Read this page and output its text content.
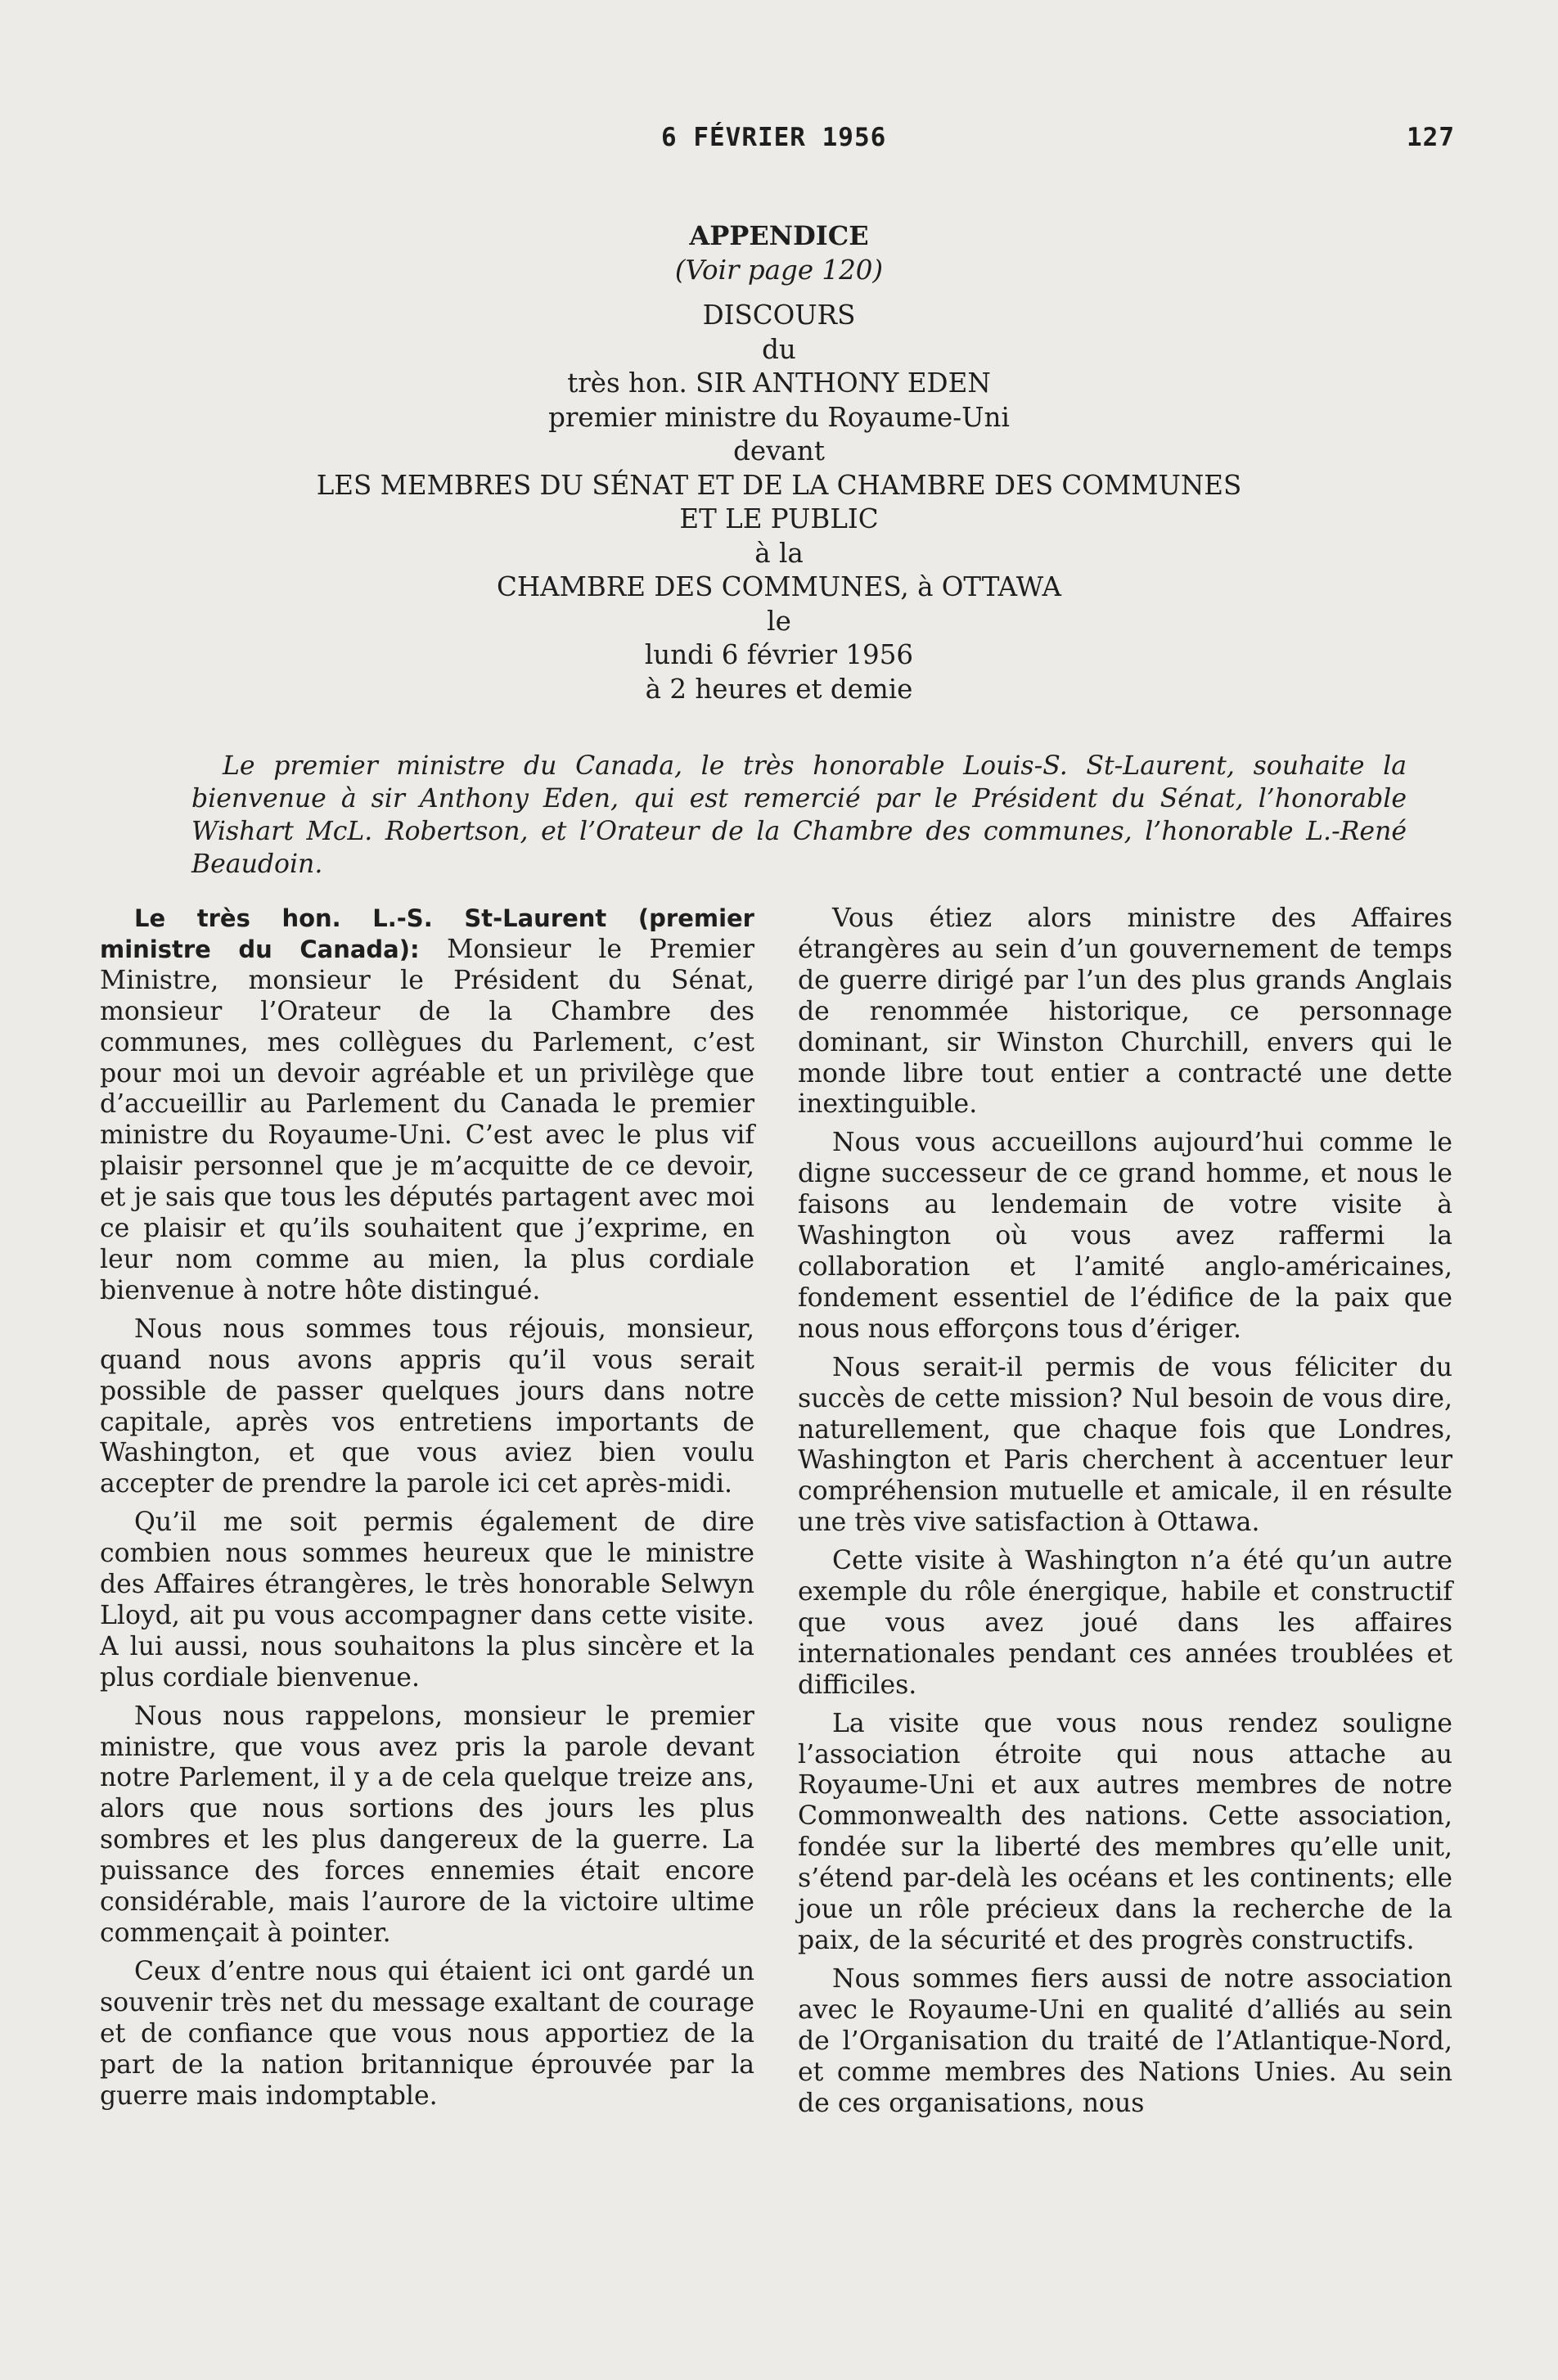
6 FÉVRIER 1956	127
APPENDICE
(Voir page 120)
DISCOURS
du
très hon. SIR ANTHONY EDEN
premier ministre du Royaume-Uni
devant
LES MEMBRES DU SÉNAT ET DE LA CHAMBRE DES COMMUNES
ET LE PUBLIC
à la
CHAMBRE DES COMMUNES, à OTTAWA
le
lundi 6 février 1956
à 2 heures et demie

Le premier ministre du Canada, le très honorable Louis-S. St-Laurent, souhaite la bienvenue à sir Anthony Eden, qui est remercié par le Président du Sénat, l’honorable Wishart McL. Robertson, et l’Orateur de la Chambre des communes, l’honorable L.-René Beaudoin.

Le très hon. L.-S. St-Laurent (premier ministre du Canada): Monsieur le Premier Ministre, monsieur le Président du Sénat, monsieur l’Orateur de la Chambre des communes, mes collègues du Parlement, c’est pour moi un devoir agréable et un privilège que d’accueillir au Parlement du Canada le premier ministre du Royaume-Uni. C’est avec le plus vif plaisir personnel que je m’acquitte de ce devoir, et je sais que tous les députés partagent avec moi ce plaisir et qu’ils souhaitent que j’exprime, en leur nom comme au mien, la plus cordiale bienvenue à notre hôte distingué.

Nous nous sommes tous réjouis, monsieur, quand nous avons appris qu’il vous serait possible de passer quelques jours dans notre capitale, après vos entretiens importants de Washington, et que vous aviez bien voulu accepter de prendre la parole ici cet après-midi.

Qu’il me soit permis également de dire combien nous sommes heureux que le ministre des Affaires étrangères, le très honorable Selwyn Lloyd, ait pu vous accompagner dans cette visite. A lui aussi, nous souhaitons la plus sincère et la plus cordiale bienvenue.

Nous nous rappelons, monsieur le premier ministre, que vous avez pris la parole devant notre Parlement, il y a de cela quelque treize ans, alors que nous sortions des jours les plus sombres et les plus dangereux de la guerre. La puissance des forces ennemies était encore considérable, mais l’aurore de la victoire ultime commençait à pointer.

Ceux d’entre nous qui étaient ici ont gardé un souvenir très net du message exaltant de courage et de confiance que vous nous apportiez de la part de la nation britannique éprouvée par la guerre mais indomptable.

Vous étiez alors ministre des Affaires étrangères au sein d’un gouvernement de temps de guerre dirigé par l’un des plus grands Anglais de renommée historique, ce personnage dominant, sir Winston Churchill, envers qui le monde libre tout entier a contracté une dette inextinguible.

Nous vous accueillons aujourd’hui comme le digne successeur de ce grand homme, et nous le faisons au lendemain de votre visite à Washington où vous avez raffermi la collaboration et l’amité anglo-américaines, fondement essentiel de l’édifice de la paix que nous nous efforçons tous d’ériger.

Nous serait-il permis de vous féliciter du succès de cette mission? Nul besoin de vous dire, naturellement, que chaque fois que Londres, Washington et Paris cherchent à accentuer leur compréhension mutuelle et amicale, il en résulte une très vive satisfaction à Ottawa.

Cette visite à Washington n’a été qu’un autre exemple du rôle énergique, habile et constructif que vous avez joué dans les affaires internationales pendant ces années troublées et difficiles.

La visite que vous nous rendez souligne l’association étroite qui nous attache au Royaume-Uni et aux autres membres de notre Commonwealth des nations. Cette association, fondée sur la liberté des membres qu’elle unit, s’étend par-delà les océans et les continents; elle joue un rôle précieux dans la recherche de la paix, de la sécurité et des progrès constructifs.

Nous sommes fiers aussi de notre association avec le Royaume-Uni en qualité d’alliés au sein de l’Organisation du traité de l’Atlantique-Nord, et comme membres des Nations Unies. Au sein de ces organisations, nous
